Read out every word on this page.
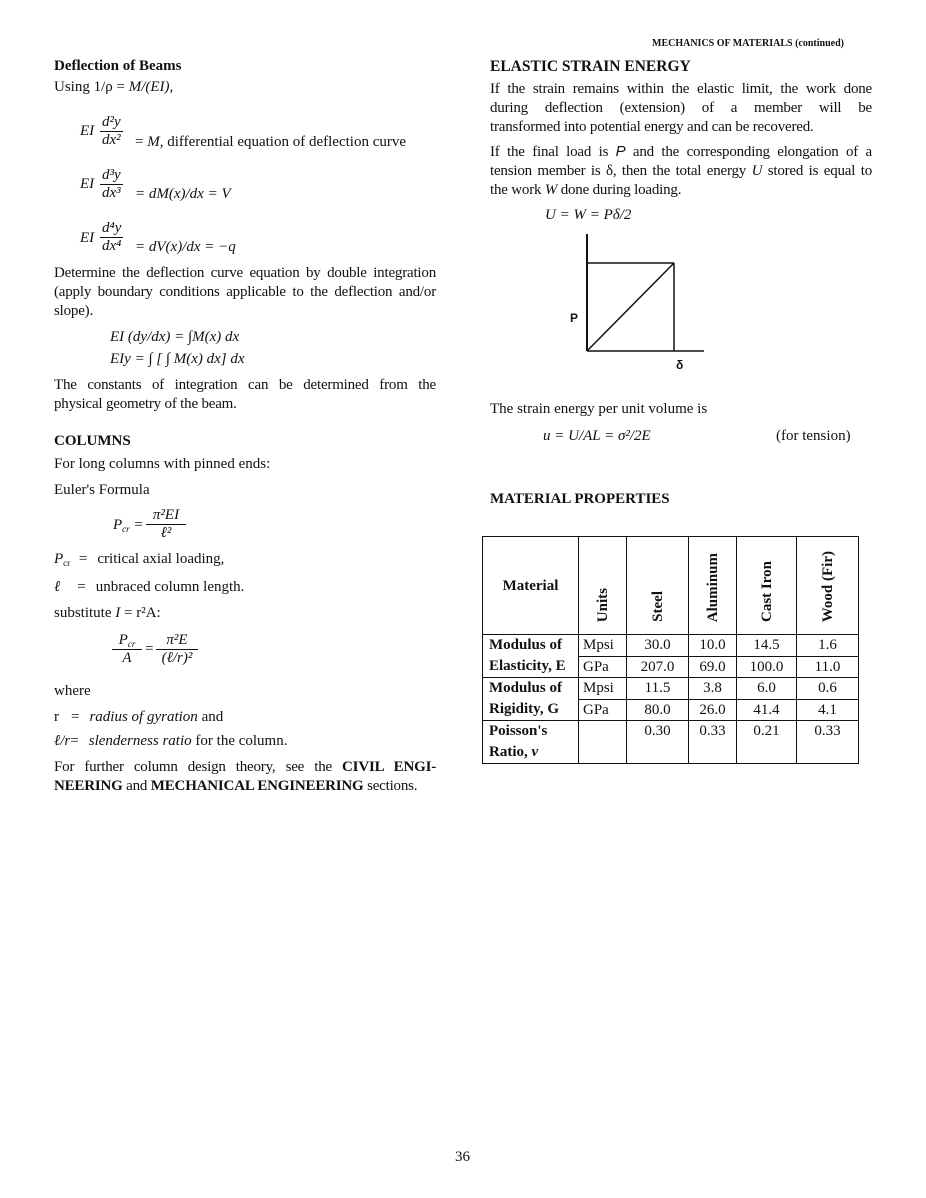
MECHANICS OF MATERIALS (continued)
Deflection of Beams
Using 1/ρ = M/(EI),
EI $\frac{\text{d²y}}{\text{dx²}} = M$, differential equation of deflection curve
EI $\frac{\text{d³y}}{\text{dx³}} = dM(x)/dx = V$
EI $\frac{\text{d⁴y}}{\text{dx⁴}} = dV(x)/dx = -q$
Determine the deflection curve equation by double integration
(apply boundary conditions applicable to the deflection and/or
slope).
EI (dy/dx) = ∫M(x) dx
EIy = ∫ [ ∫ M(x) dx] dx
The constants of integration can be determined from the
physical geometry of the beam.
COLUMNS
For long columns with pinned ends:
Euler's Formula
$P_{cr}$ =
π²EI
ℓ²
$P_{cr}$ = critical axial loading,
ℓ = unbraced column length.
substitute I = r²A:
$P_{cr}$
A
=
π²E
(ℓ/r)²
where
r = radius of gyration and
ℓ/r= slenderness ratio for the column.
For further column design theory, see the CIVIL ENGI-
NEERING and MECHANICAL ENGINEERING sections.
ELASTIC STRAIN ENERGY
If the strain remains within the elastic limit, the work done
during deflection (extension) of a member will be
transformed into potential energy and can be recovered.
If the final load is P and the corresponding elongation of a
tension member is δ, then the total energy U stored is equal to
the work W done during loading.
U = W = Pδ/2
P
δ
The strain energy per unit volume is
u = U/AL = σ²/2E	(for tension)
MATERIAL PROPERTIES
Material	Units	Steel	Aluminum	Cast Iron	Wood (Fir)
Modulus of Elasticity, E	Mpsi	30.0	10.0	14.5	1.6
	GPa	207.0	69.0	100.0	11.0
Modulus of Rigidity, G	Mpsi	11.5	3.8	6.0	0.6
	GPa	80.0	26.0	41.4	4.1
Poisson's Ratio, v		0.30	0.33	0.21	0.33
36
